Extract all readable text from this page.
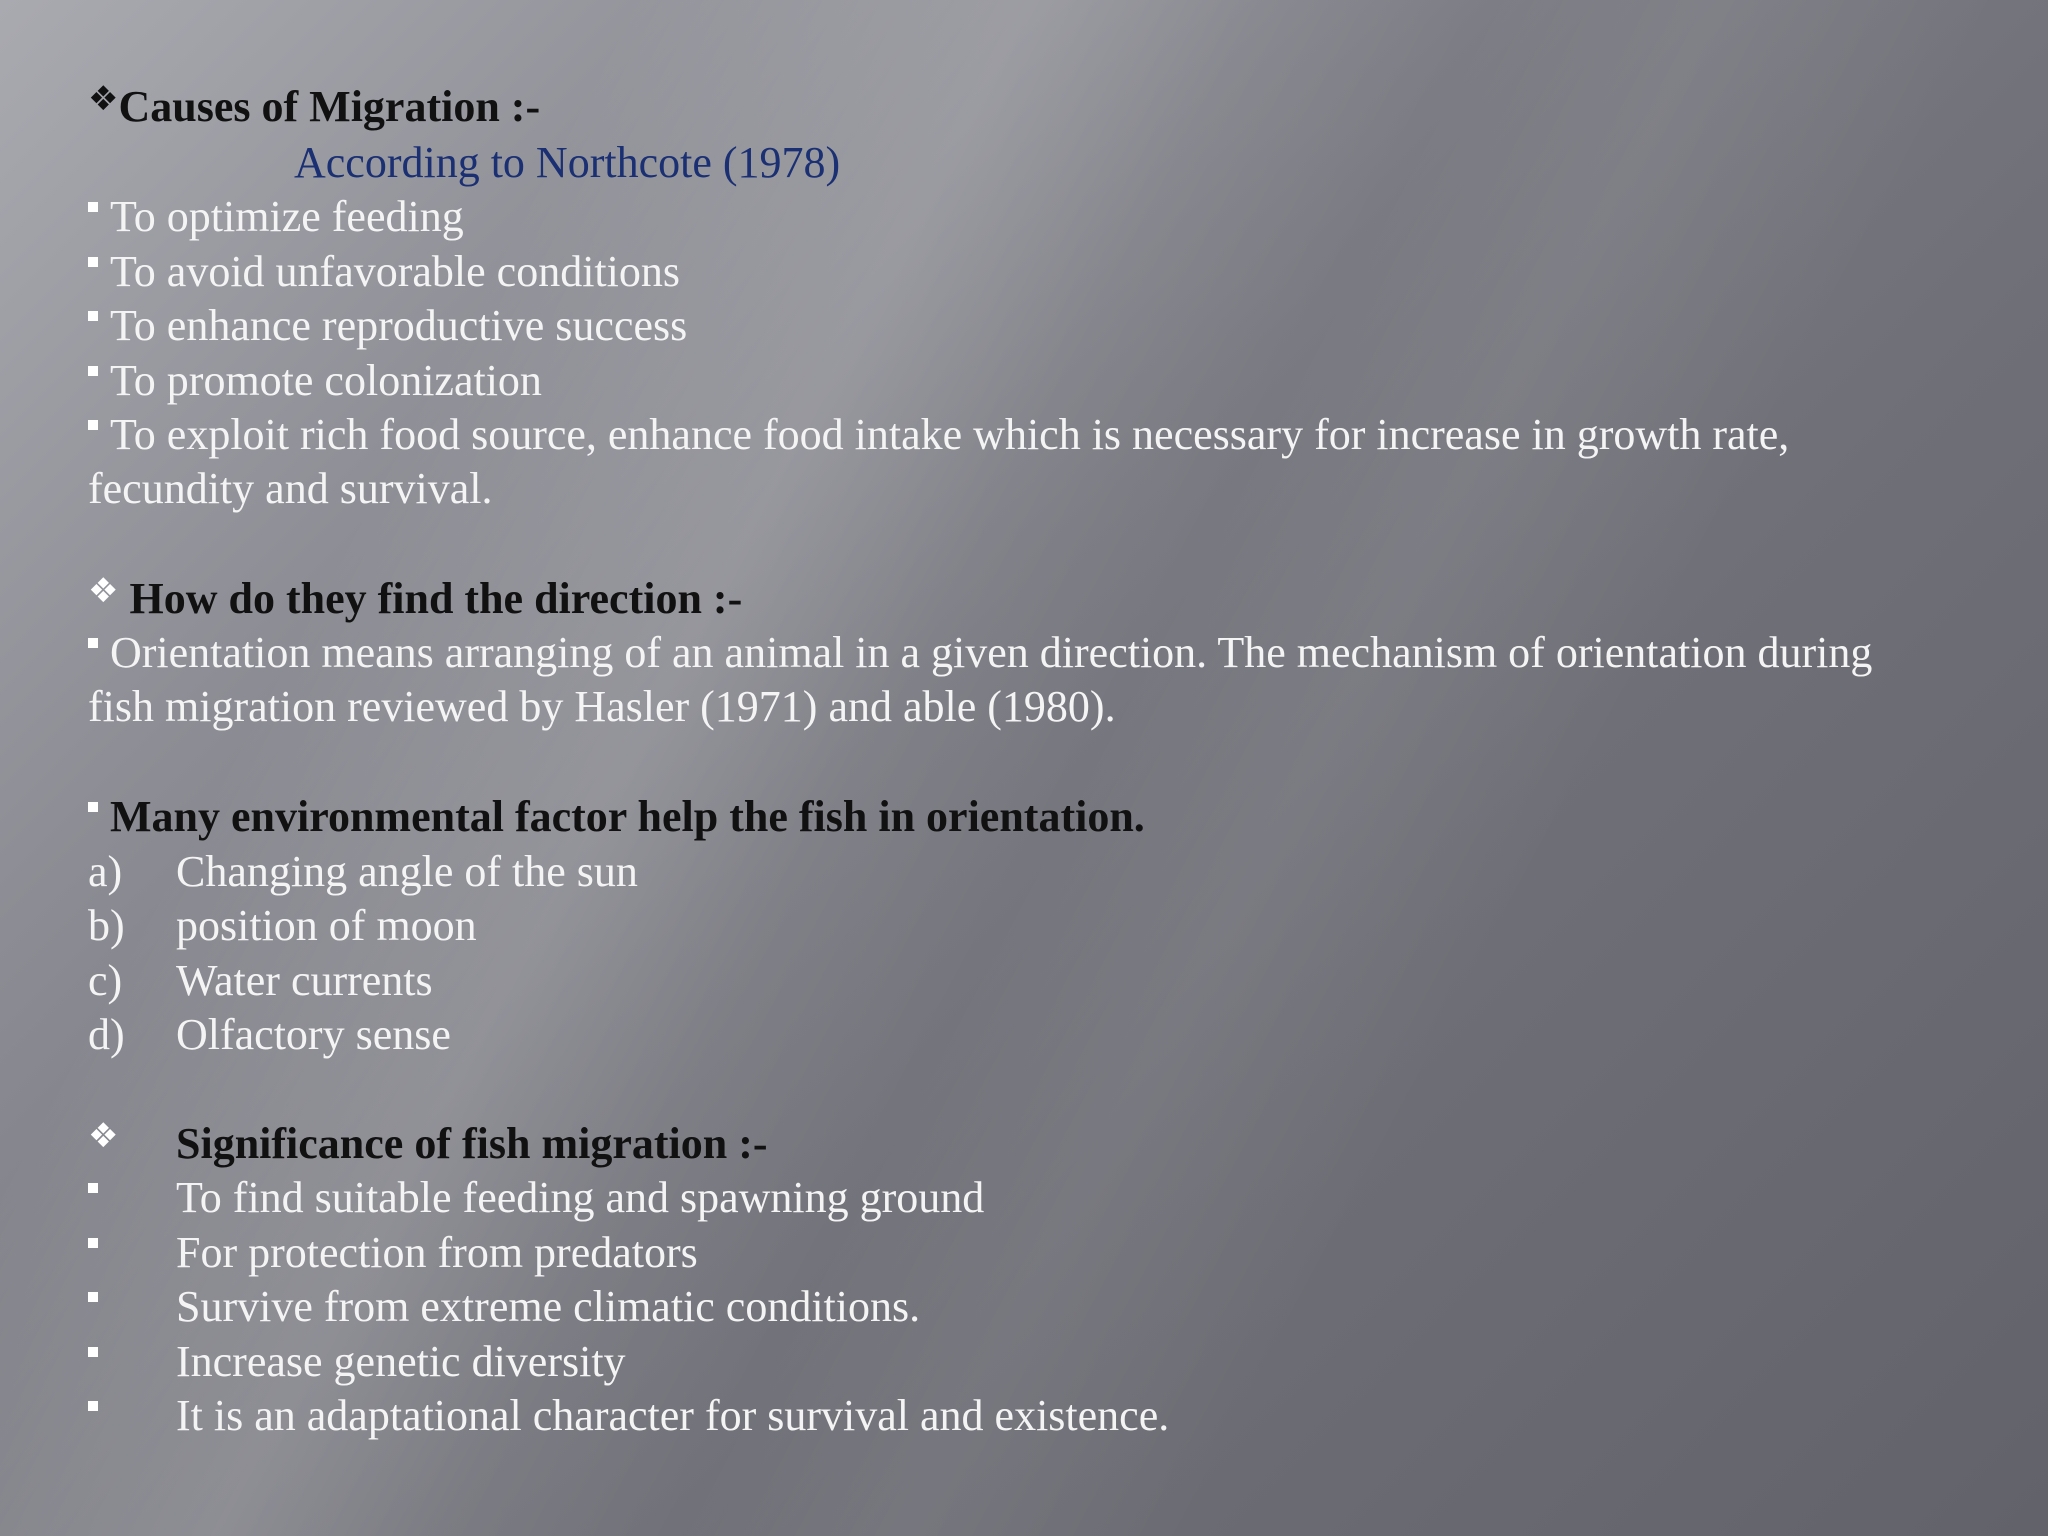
❖Causes of Migration :-
According to Northcote (1978)
To optimize feeding
To avoid unfavorable conditions
To enhance reproductive success
To promote colonization
To exploit rich food source, enhance food intake which is necessary for increase in growth rate, fecundity and survival.
❖ How do they find the direction :-
Orientation means arranging of an animal in a given direction. The mechanism of orientation during fish migration reviewed by Hasler (1971) and able (1980).
Many environmental factor help the fish in orientation.
a) Changing angle of the sun
b) position of moon
c) Water currents
d) Olfactory sense
❖ Significance of fish migration :-
To find suitable feeding and spawning ground
For protection from predators
Survive from extreme climatic conditions.
Increase genetic diversity
It is an adaptational character for survival and existence.
